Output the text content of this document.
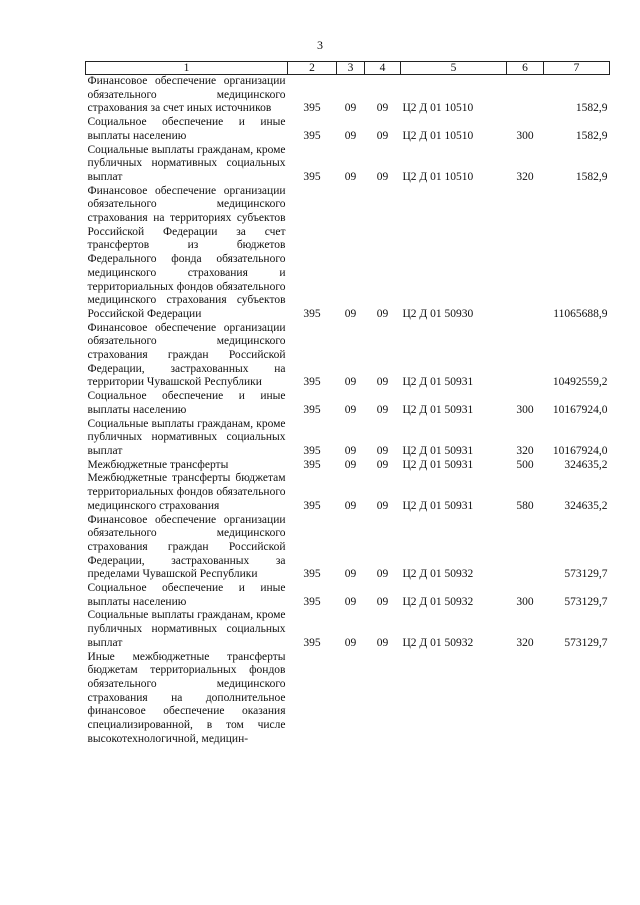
3
1	2	3	4	5	6	7
Финансовое обеспечение организации обязательного медицинского страхования за счет иных источников	395	09	09	Ц2 Д 01 10510		1582,9
Социальное обеспечение и иные выплаты населению	395	09	09	Ц2 Д 01 10510	300	1582,9
Социальные выплаты гражданам, кроме публичных нормативных социальных выплат	395	09	09	Ц2 Д 01 10510	320	1582,9
Финансовое обеспечение организации обязательного медицинского страхования на территориях субъектов Российской Федерации за счет трансфертов из бюджетов Федерального фонда обязательного медицинского страхования и территориальных фондов обязательного медицинского страхования субъектов Российской Федерации	395	09	09	Ц2 Д 01 50930		11065688,9
Финансовое обеспечение организации обязательного медицинского страхования граждан Российской Федерации, застрахованных на территории Чувашской Республики	395	09	09	Ц2 Д 01 50931		10492559,2
Социальное обеспечение и иные выплаты населению	395	09	09	Ц2 Д 01 50931	300	10167924,0
Социальные выплаты гражданам, кроме публичных нормативных социальных выплат	395	09	09	Ц2 Д 01 50931	320	10167924,0
Межбюджетные трансферты	395	09	09	Ц2 Д 01 50931	500	324635,2
Межбюджетные трансферты бюджетам территориальных фондов обязательного медицинского страхования	395	09	09	Ц2 Д 01 50931	580	324635,2
Финансовое обеспечение организации обязательного медицинского страхования граждан Российской Федерации, застрахованных за пределами Чувашской Республики	395	09	09	Ц2 Д 01 50932		573129,7
Социальное обеспечение и иные выплаты населению	395	09	09	Ц2 Д 01 50932	300	573129,7
Социальные выплаты гражданам, кроме публичных нормативных социальных выплат	395	09	09	Ц2 Д 01 50932	320	573129,7
Иные межбюджетные трансферты бюджетам территориальных фондов обязательного медицинского страхования на дополнительное финансовое обеспечение оказания специализированной, в том числе высокотехнологичной, медицин-						
